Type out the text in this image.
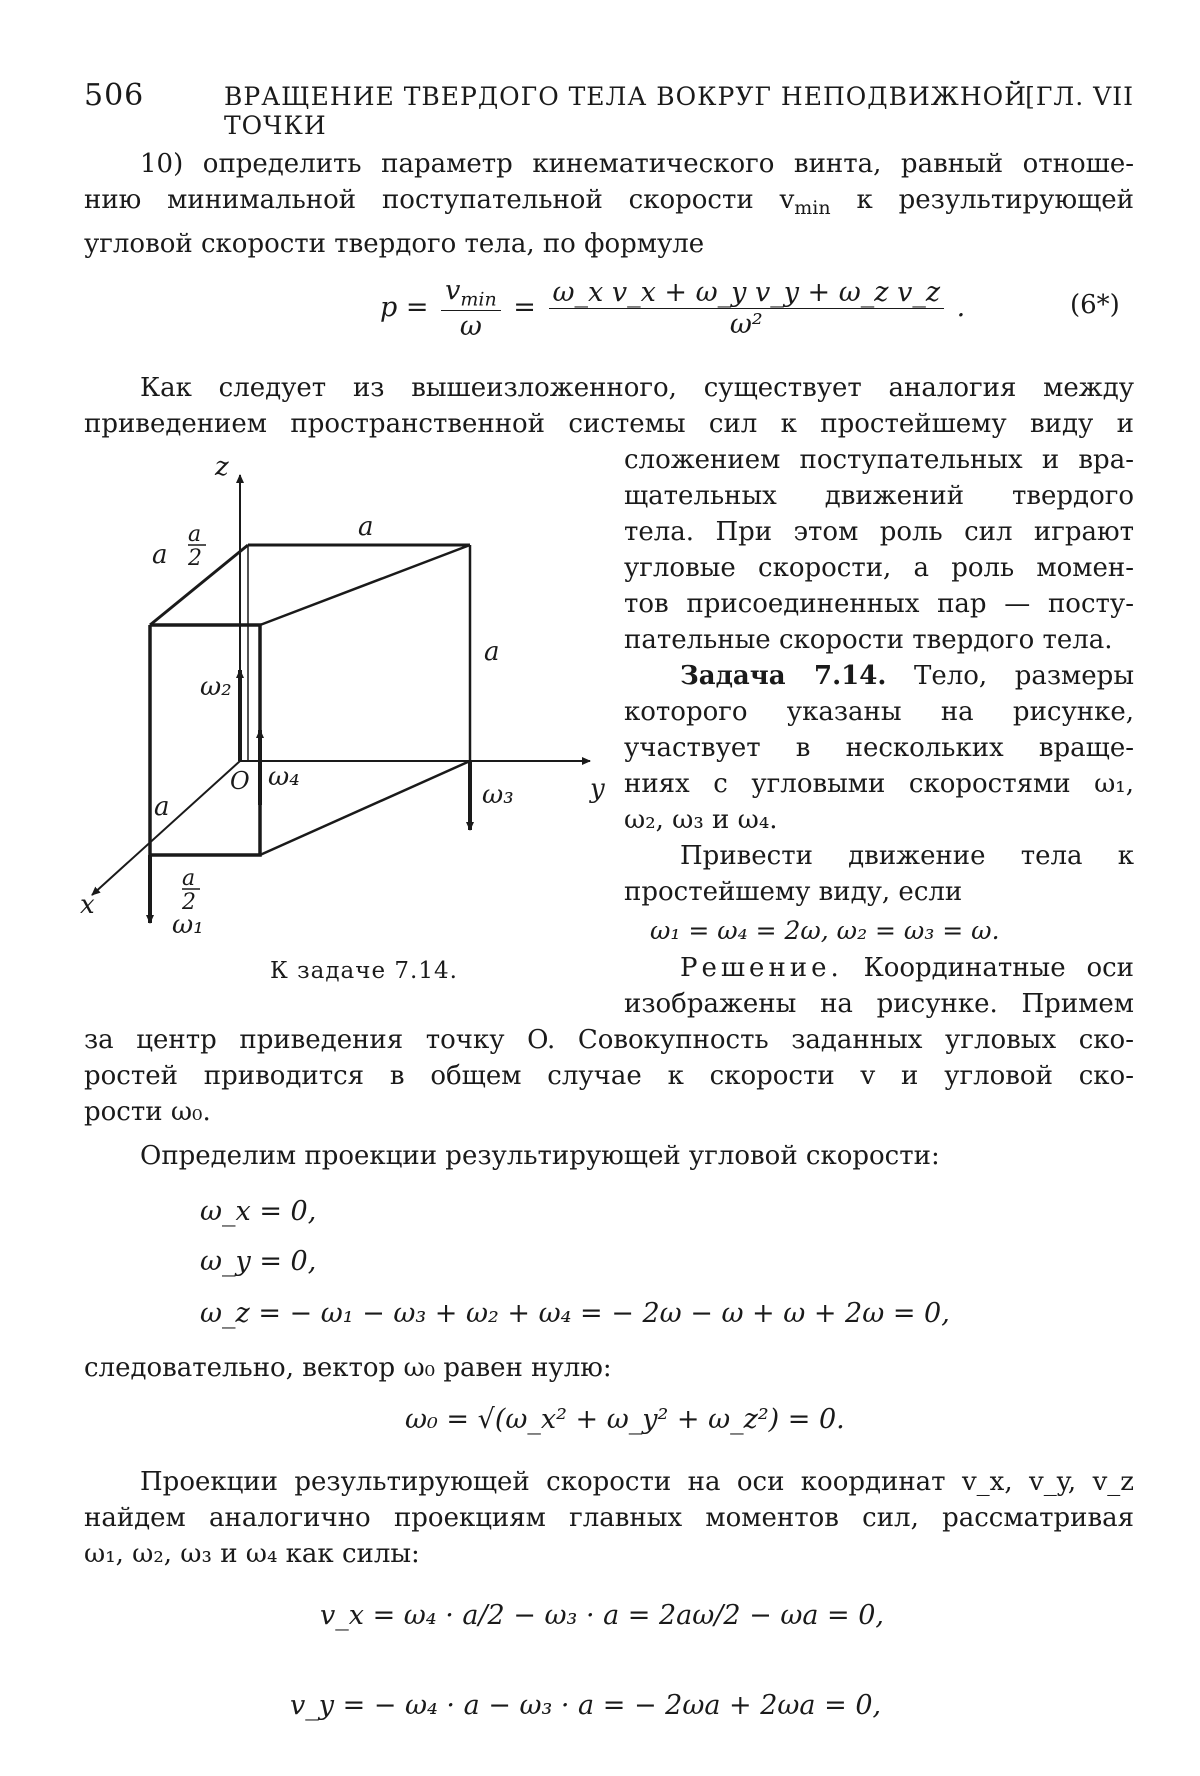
506	ВРАЩЕНИЕ ТВЕРДОГО ТЕЛА ВОКРУГ НЕПОДВИЖНОЙ ТОЧКИ
[ГЛ. VII
10) определить параметр кинематического винта, равный отноше-
нию минимальной поступательной скорости $v_{min}$ к результирующей
угловой скорости твердого тела, по формуле
$p = \frac{v_{min}}{\omega} = \frac{\text{ω\_x v\_x + ω\_y v\_y + ω\_z v\_z}}{\text{ω²}}$ .	(6*)
Как следует из вышеизложенного, существует аналогия между
приведением пространственной системы сил к простейшему виду и
сложением поступательных и вра-
щательных движений твердого
тела. При этом роль сил играют
угловые скорости, а роль момен-
тов присоединенных пар — посту-
пательные скорости твердого тела.
Задача 7.14. Тело, размеры
которого указаны на рисунке,
участвует в нескольких враще-
ниях с угловыми скоростями ω₁,
ω₂, ω₃ и ω₄.
Привести движение тела к
простейшему виду, если
ω₁ = ω₄ = 2ω, ω₂ = ω₃ = ω.
z
y
x
O
a
a
a
2
a
a
a
2
ω₁
ω₂
ω₃
ω₄
К задаче 7.14.	Решение. Координатные оси
изображены на рисунке. Примем
за центр приведения точку O. Совокупность заданных угловых ско-
ростей приводится в общем случае к скорости v и угловой ско-
рости ω₀.
Определим проекции результирующей угловой скорости:
ω_x = 0,
ω_y = 0,
ω_z = − ω₁ − ω₃ + ω₂ + ω₄ = − 2ω − ω + ω + 2ω = 0,
следовательно, вектор ω₀ равен нулю:
ω₀ = √(ω_x² + ω_y² + ω_z²) = 0.
Проекции результирующей скорости на оси координат v_x, v_y, v_z
найдем аналогично проекциям главных моментов сил, рассматривая
ω₁, ω₂, ω₃ и ω₄ как силы:
v_x = ω₄ · a/2 − ω₃ · a = 2aω/2 − ωa = 0,
v_y = − ω₄ · a − ω₃ · a = − 2ωa + 2ωa = 0,
